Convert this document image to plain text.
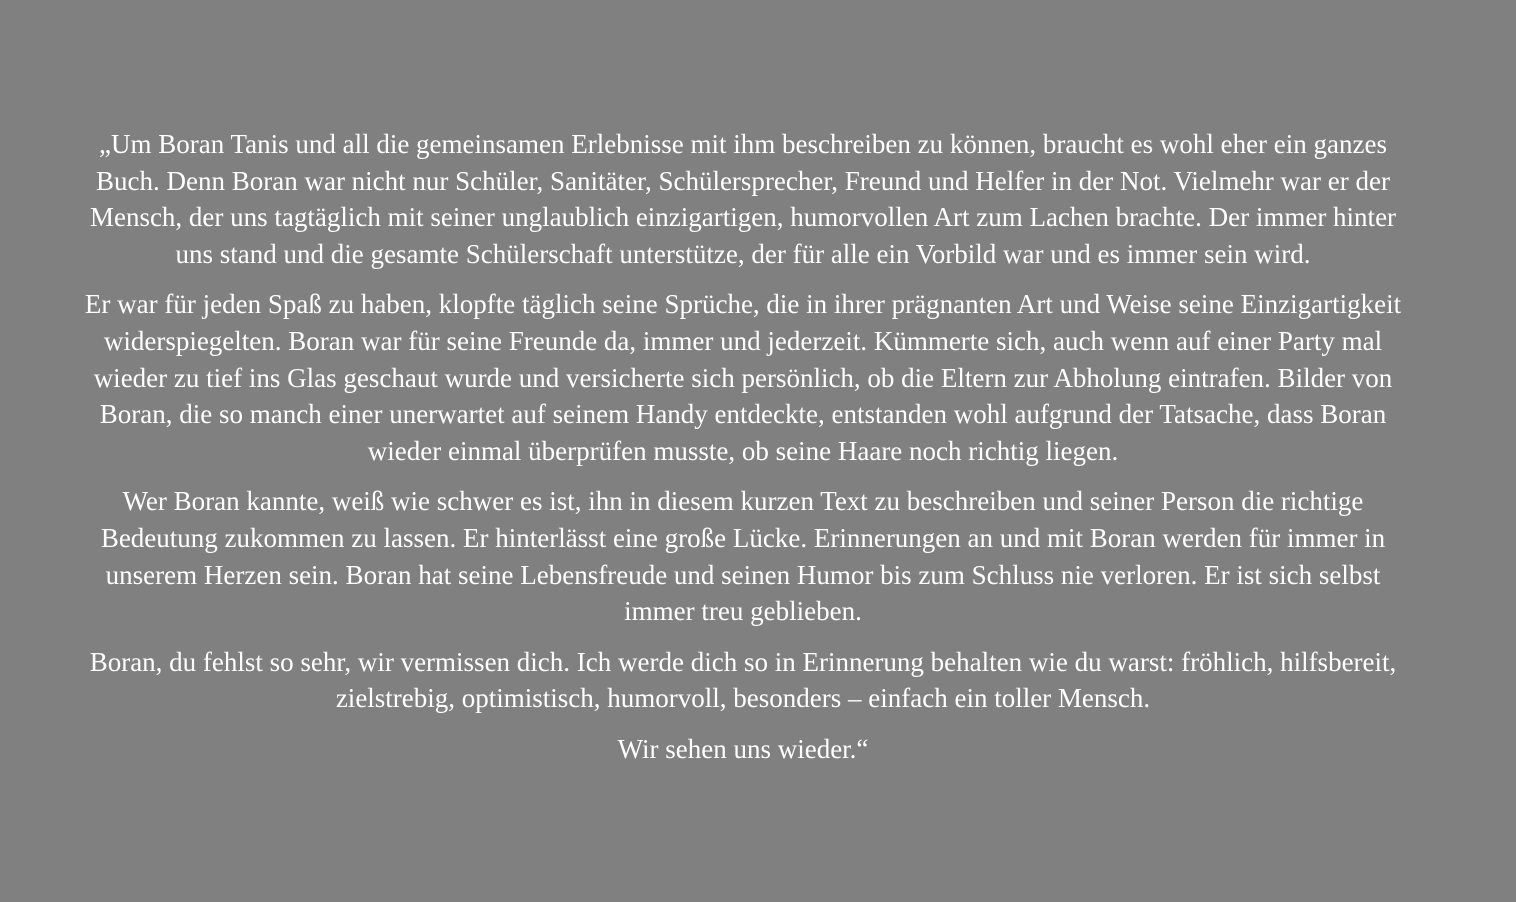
„Um Boran Tanis und all die gemeinsamen Erlebnisse mit ihm beschreiben zu können, braucht es wohl eher ein ganzes Buch. Denn Boran war nicht nur Schüler, Sanitäter, Schülersprecher, Freund und Helfer in der Not. Vielmehr war er der Mensch, der uns tagtäglich mit seiner unglaublich einzigartigen, humorvollen Art zum Lachen brachte. Der immer hinter uns stand und die gesamte Schülerschaft unterstütze, der für alle ein Vorbild war und es immer sein wird.

Er war für jeden Spaß zu haben, klopfte täglich seine Sprüche, die in ihrer prägnanten Art und Weise seine Einzigartigkeit widerspiegelten. Boran war für seine Freunde da, immer und jederzeit. Kümmerte sich, auch wenn auf einer Party mal wieder zu tief ins Glas geschaut wurde und versicherte sich persönlich, ob die Eltern zur Abholung eintrafen. Bilder von Boran, die so manch einer unerwartet auf seinem Handy entdeckte, entstanden wohl aufgrund der Tatsache, dass Boran wieder einmal überprüfen musste, ob seine Haare noch richtig liegen.

Wer Boran kannte, weiß wie schwer es ist, ihn in diesem kurzen Text zu beschreiben und seiner Person die richtige Bedeutung zukommen zu lassen. Er hinterlässt eine große Lücke. Erinnerungen an und mit Boran werden für immer in unserem Herzen sein. Boran hat seine Lebensfreude und seinen Humor bis zum Schluss nie verloren. Er ist sich selbst immer treu geblieben.

Boran, du fehlst so sehr, wir vermissen dich. Ich werde dich so in Erinnerung behalten wie du warst: fröhlich, hilfsbereit, zielstrebig, optimistisch, humorvoll, besonders – einfach ein toller Mensch.

Wir sehen uns wieder.“
